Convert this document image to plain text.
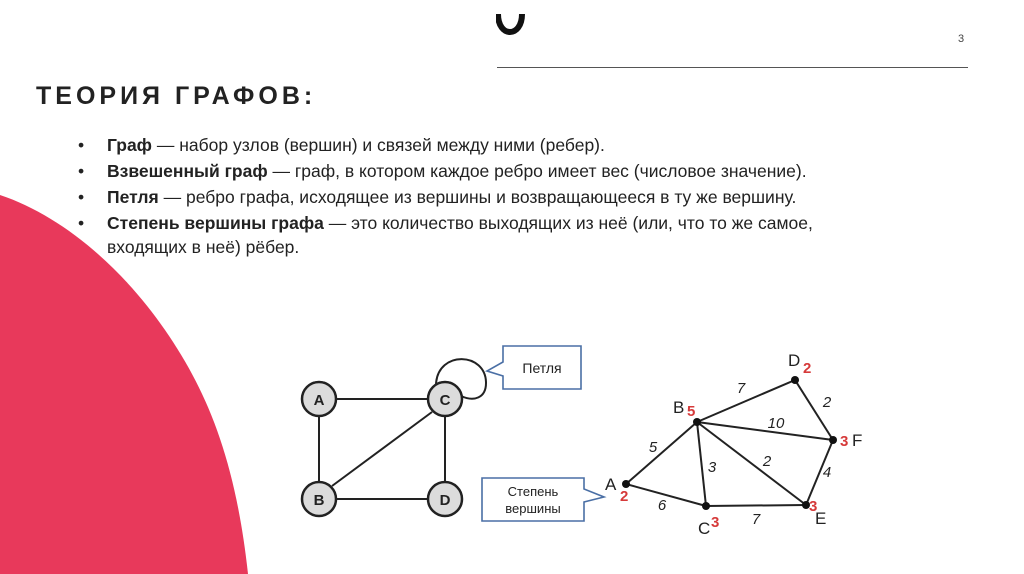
3
ТЕОРИЯ ГРАФОВ:
• Граф — набор узлов (вершин) и связей между ними (ребер).
• Взвешенный граф — граф, в котором каждое ребро имеет вес (числовое значение).
• Петля — ребро графа, исходящее из вершины и возвращающееся в ту же вершину.
• Степень вершины графа — это количество выходящих из неё (или, что то же самое, входящих в неё) рёбер.
A	C
B	D
Петля
A
B
C
D
E
F
2
5
3
2
3
3
5
6
7
10
3	2
2
4
7
Степень
вершины
